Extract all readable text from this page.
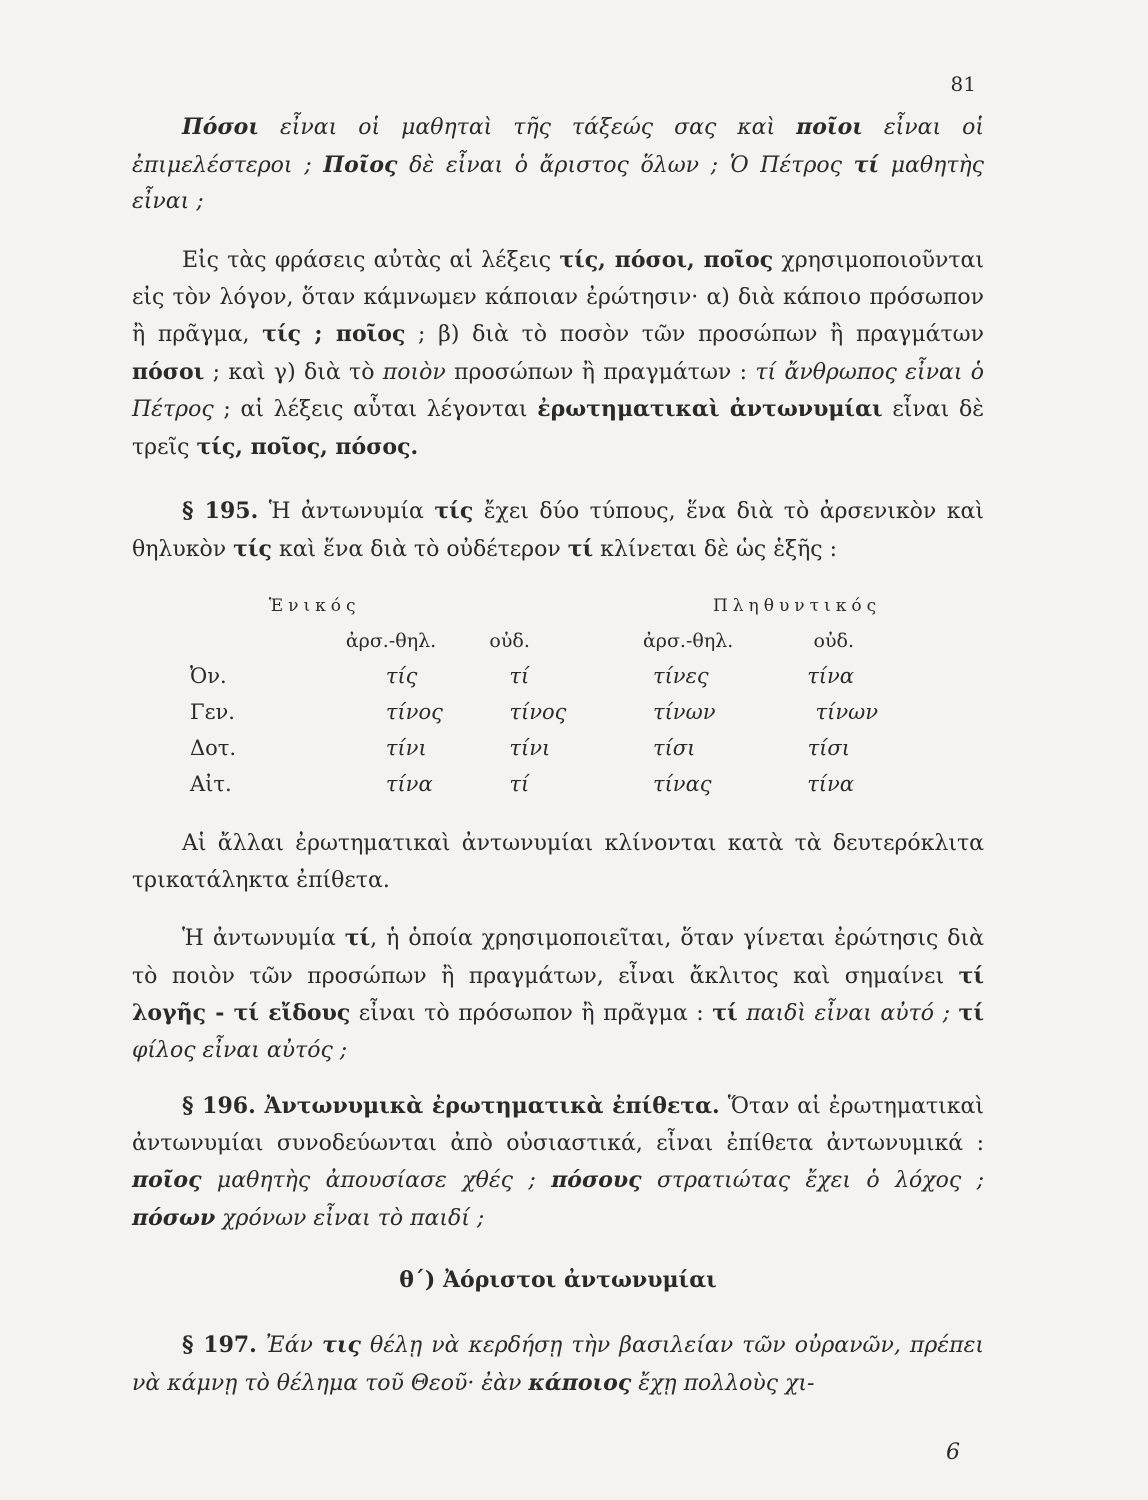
81

Πόσοι εἶναι οἱ μαθηταὶ τῆς τάξεώς σας καὶ ποῖοι εἶναι οἱ ἐπιμελέστεροι ; Ποῖος δὲ εἶναι ὁ ἄριστος ὅλων ; Ὁ Πέτρος τί μαθητὴς εἶναι ;

Εἰς τὰς φράσεις αὐτὰς αἱ λέξεις τίς, πόσοι, ποῖος χρησιμοποιοῦνται εἰς τὸν λόγον, ὅταν κάμνωμεν κάποιαν ἐρώτησιν· α) διὰ κάποιο πρόσωπον ἢ πρᾶγμα, τίς ; ποῖος ; β) διὰ τὸ ποσὸν τῶν προσώπων ἢ πραγμάτων πόσοι ; καὶ γ) διὰ τὸ ποιὸν προσώπων ἢ πραγμάτων : τί ἄνθρωπος εἶναι ὁ Πέτρος ; αἱ λέξεις αὗται λέγονται ἐρωτηματικαὶ ἀντωνυμίαι εἶναι δὲ τρεῖς τίς, ποῖος, πόσος.

§ 195. Ἡ ἀντωνυμία τίς ἔχει δύο τύπους, ἕνα διὰ τὸ ἀρσενικὸν καὶ θηλυκὸν τίς καὶ ἕνα διὰ τὸ οὐδέτερον τί κλίνεται δὲ ὡς ἑξῆς :

	Ἑνικός		Πληθυντικός	
	ἀρσ.-θηλ.	οὐδ.	ἀρσ.-θηλ.	οὐδ.
Ὀν.	τίς	τί	τίνες	τίνα
Γεν.	τίνος	τίνος	τίνων	τίνων
Δοτ.	τίνι	τίνι	τίσι	τίσι
Αἰτ.	τίνα	τί	τίνας	τίνα

Αἱ ἄλλαι ἐρωτηματικαὶ ἀντωνυμίαι κλίνονται κατὰ τὰ δευτερόκλιτα τρικατάληκτα ἐπίθετα.

Ἡ ἀντωνυμία τί, ἡ ὁποία χρησιμοποιεῖται, ὅταν γίνεται ἐρώτησις διὰ τὸ ποιὸν τῶν προσώπων ἢ πραγμάτων, εἶναι ἄκλιτος καὶ σημαίνει τί λογῆς - τί εἴδους εἶναι τὸ πρόσωπον ἢ πρᾶγμα : τί παιδὶ εἶναι αὐτό ; τί φίλος εἶναι αὐτός ;

§ 196. Ἀντωνυμικὰ ἐρωτηματικὰ ἐπίθετα. Ὅταν αἱ ἐρωτηματικαὶ ἀντωνυμίαι συνοδεύωνται ἀπὸ οὐσιαστικά, εἶναι ἐπίθετα ἀντωνυμικά : ποῖος μαθητὴς ἀπουσίασε χθές ; πόσους στρατιώτας ἔχει ὁ λόχος ; πόσων χρόνων εἶναι τὸ παιδί ;

θ΄) Ἀόριστοι ἀντωνυμίαι

§ 197. Ἐάν τις θέλῃ νὰ κερδήσῃ τὴν βασιλείαν τῶν οὐρανῶν, πρέπει νὰ κάμνῃ τὸ θέλημα τοῦ Θεοῦ· ἐὰν κάποιος ἔχῃ πολλοὺς χι-

6
